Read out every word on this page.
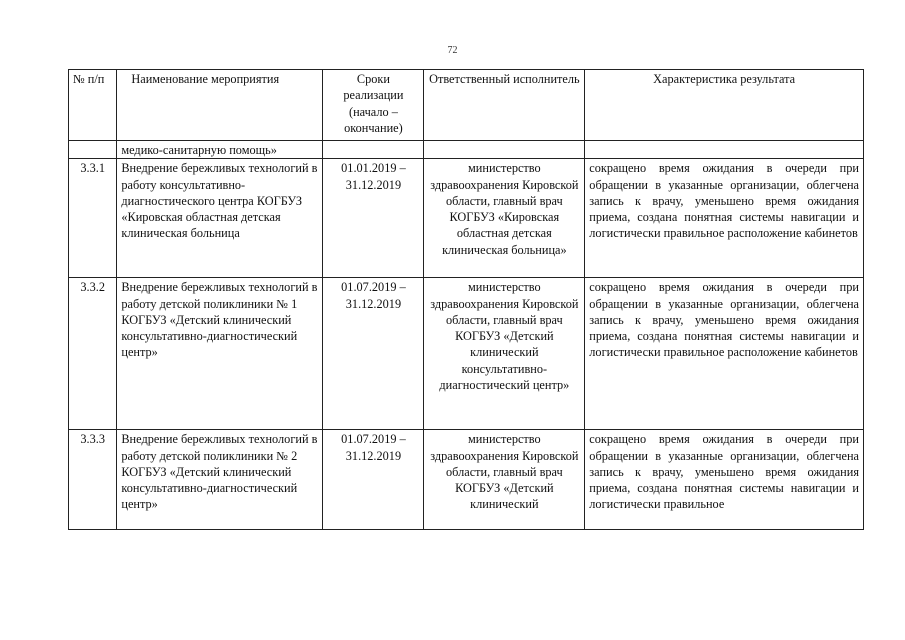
72
№ п/п	Наименование мероприятия	Сроки реализации (начало – окончание)	Ответственный исполнитель	Характеристика результата
	медико-санитарную помощь»			
3.3.1	Внедрение бережливых технологий в работу консультативно-диагностического центра КОГБУЗ «Кировская областная детская клиническая больница	01.01.2019 – 31.12.2019	министерство здравоохранения Кировской области, главный врач КОГБУЗ «Кировская областная детская клиническая больница»	сокращено время ожидания в очереди при обращении в указанные организации, облегчена запись к врачу, уменьшено время ожидания приема, создана понятная системы навигации и логистически правильное расположение кабинетов
3.3.2	Внедрение бережливых технологий в работу детской поликлиники № 1 КОГБУЗ «Детский клинический консультативно-диагностический центр»	01.07.2019 – 31.12.2019	министерство здравоохранения Кировской области, главный врач КОГБУЗ «Детский клинический консультативно-диагностический центр»	сокращено время ожидания в очереди при обращении в указанные организации, облегчена запись к врачу, уменьшено время ожидания приема, создана понятная системы навигации и логистически правильное расположение кабинетов
3.3.3	Внедрение бережливых технологий в работу детской поликлиники № 2 КОГБУЗ «Детский клинический консультативно-диагностический центр»	01.07.2019 – 31.12.2019	министерство здравоохранения Кировской области, главный врач КОГБУЗ «Детский клинический	сокращено время ожидания в очереди при обращении в указанные организации, облегчена запись к врачу, уменьшено время ожидания приема, создана понятная системы навигации и логистически правильное
